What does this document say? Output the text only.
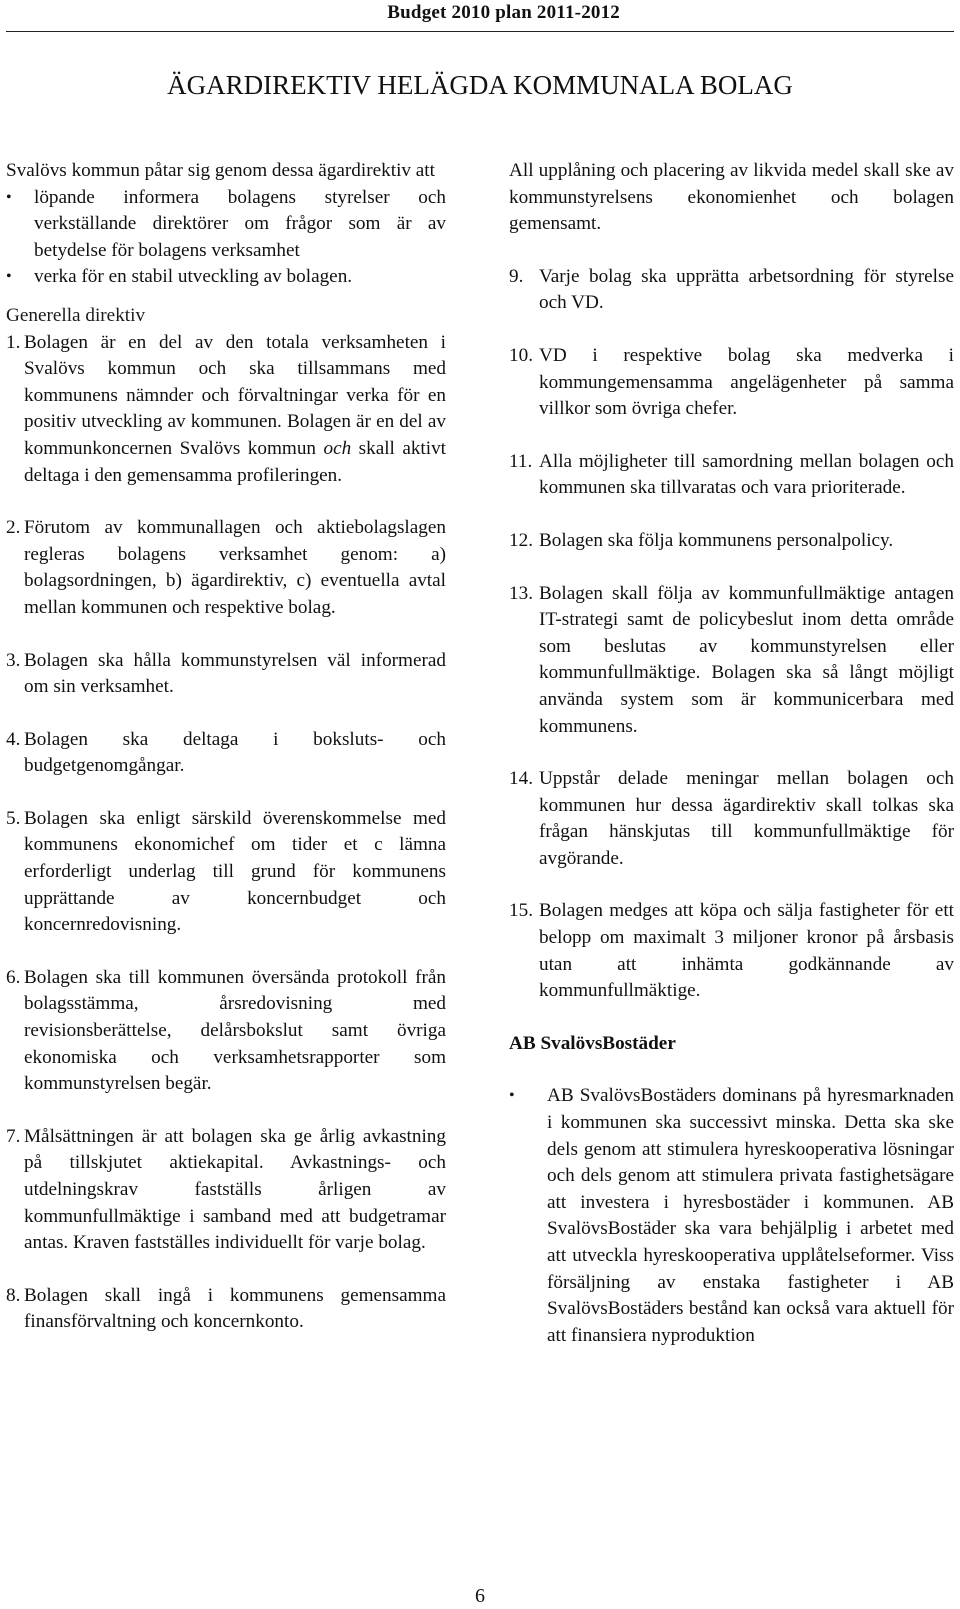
Budget 2010 plan 2011-2012
ÄGARDIREKTIV HELÄGDA KOMMUNALA BOLAG

Svalövs kommun påtar sig genom dessa ägardirektiv att

• löpande informera bolagens styrelser och verkställande direktörer om frågor som är av betydelse för bolagens verksamhet
• verka för en stabil utveckling av bolagen.

Generella direktiv

1. Bolagen är en del av den totala verksamheten i Svalövs kommun och ska tillsammans med kommunens nämnder och förvaltningar verka för en positiv utveckling av kommunen. Bolagen är en del av kommunkoncernen Svalövs kommun och skall aktivt deltaga i den gemensamma profileringen.
2. Förutom av kommunallagen och aktiebolagslagen regleras bolagens verksamhet genom: a) bolagsordningen, b) ägardirektiv, c) eventuella avtal mellan kommunen och respektive bolag.
3. Bolagen ska hålla kommunstyrelsen väl informerad om sin verksamhet.
4. Bolagen ska deltaga i boksluts- och budgetgenomgångar.
5. Bolagen ska enligt särskild överenskommelse med kommunens ekonomichef om tider et c lämna erforderligt underlag till grund för kommunens upprättande av koncernbudget och koncernredovisning.
6. Bolagen ska till kommunen översända protokoll från bolagsstämma, årsredovisning med revisionsberättelse, delårsbokslut samt övriga ekonomiska och verksamhetsrapporter som kommunstyrelsen begär.
7. Målsättningen är att bolagen ska ge årlig avkastning på tillskjutet aktiekapital. Avkastnings- och utdelningskrav fastställs årligen av kommunfullmäktige i samband med att budgetramar antas. Kraven fastställes individuellt för varje bolag.
8. Bolagen skall ingå i kommunens gemensamma finansförvaltning och koncernkonto.

All upplåning och placering av likvida medel skall ske av kommunstyrelsens ekonomienhet och bolagen gemensamt.

9. Varje bolag ska upprätta arbetsordning för styrelse och VD.
10. VD i respektive bolag ska medverka i kommungemensamma angelägenheter på samma villkor som övriga chefer.
11. Alla möjligheter till samordning mellan bolagen och kommunen ska tillvaratas och vara prioriterade.
12. Bolagen ska följa kommunens personalpolicy.
13. Bolagen skall följa av kommunfullmäktige antagen IT-strategi samt de policybeslut inom detta område som beslutas av kommunstyrelsen eller kommunfullmäktige. Bolagen ska så långt möjligt använda system som är kommunicerbara med kommunens.
14. Uppstår delade meningar mellan bolagen och kommunen hur dessa ägardirektiv skall tolkas ska frågan hänskjutas till kommunfullmäktige för avgörande.
15. Bolagen medges att köpa och sälja fastigheter för ett belopp om maximalt 3 miljoner kronor på årsbasis utan att inhämta godkännande av kommunfullmäktige.

AB SvalövsBostäder

•	AB SvalövsBostäders dominans på hyresmarknaden i kommunen ska successivt minska. Detta ska ske dels genom att stimulera hyreskooperativa lösningar och dels genom att stimulera privata fastighetsägare att investera i hyresbostäder i kommunen. AB SvalövsBostäder ska vara behjälplig i arbetet med att utveckla hyreskooperativa upplåtelseformer. Viss försäljning av enstaka fastigheter i AB SvalövsBostäders bestånd kan också vara aktuell för att finansiera nyproduktion
6
